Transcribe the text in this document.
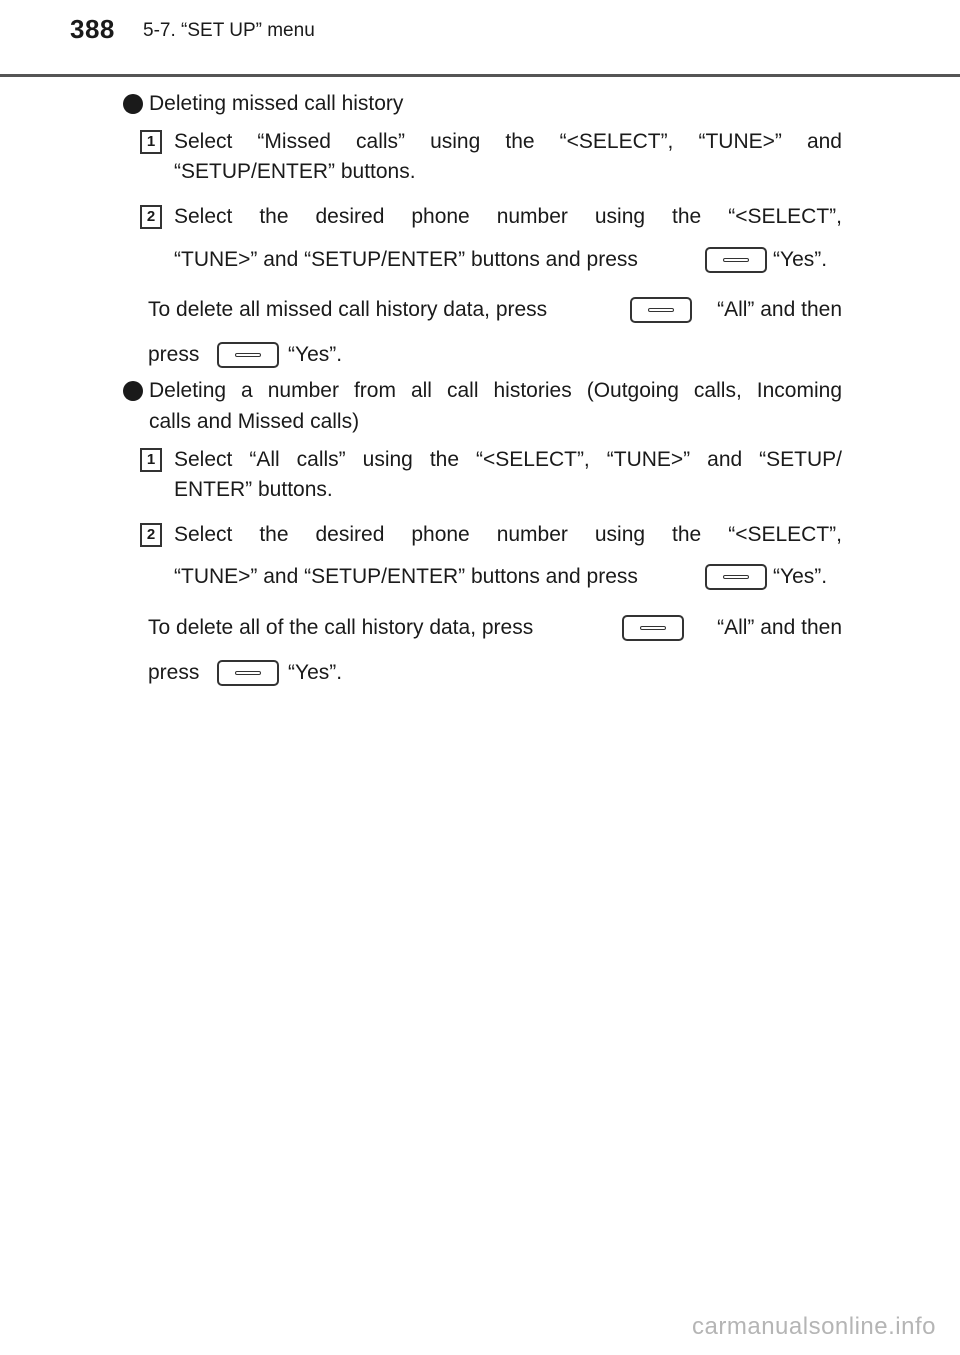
388 5-7. “SET UP” menu
Deleting missed call history
1 Select “Missed calls” using the “<SELECT”, “TUNE>” and
“SETUP/ENTER” buttons.
2 Select the desired phone number using the “<SELECT”,
“TUNE>” and “SETUP/ENTER” buttons and press	“Yes”.
To delete all missed call history data, press	“All” and then
press	“Yes”.
Deleting a number from all call histories (Outgoing calls, Incoming
calls and Missed calls)
1 Select “All calls” using the “<SELECT”, “TUNE>” and “SETUP/
ENTER” buttons.
2 Select the desired phone number using the “<SELECT”,
“TUNE>” and “SETUP/ENTER” buttons and press	“Yes”.
To delete all of the call history data, press	“All” and then
press	“Yes”.
carmanualsonline.info
